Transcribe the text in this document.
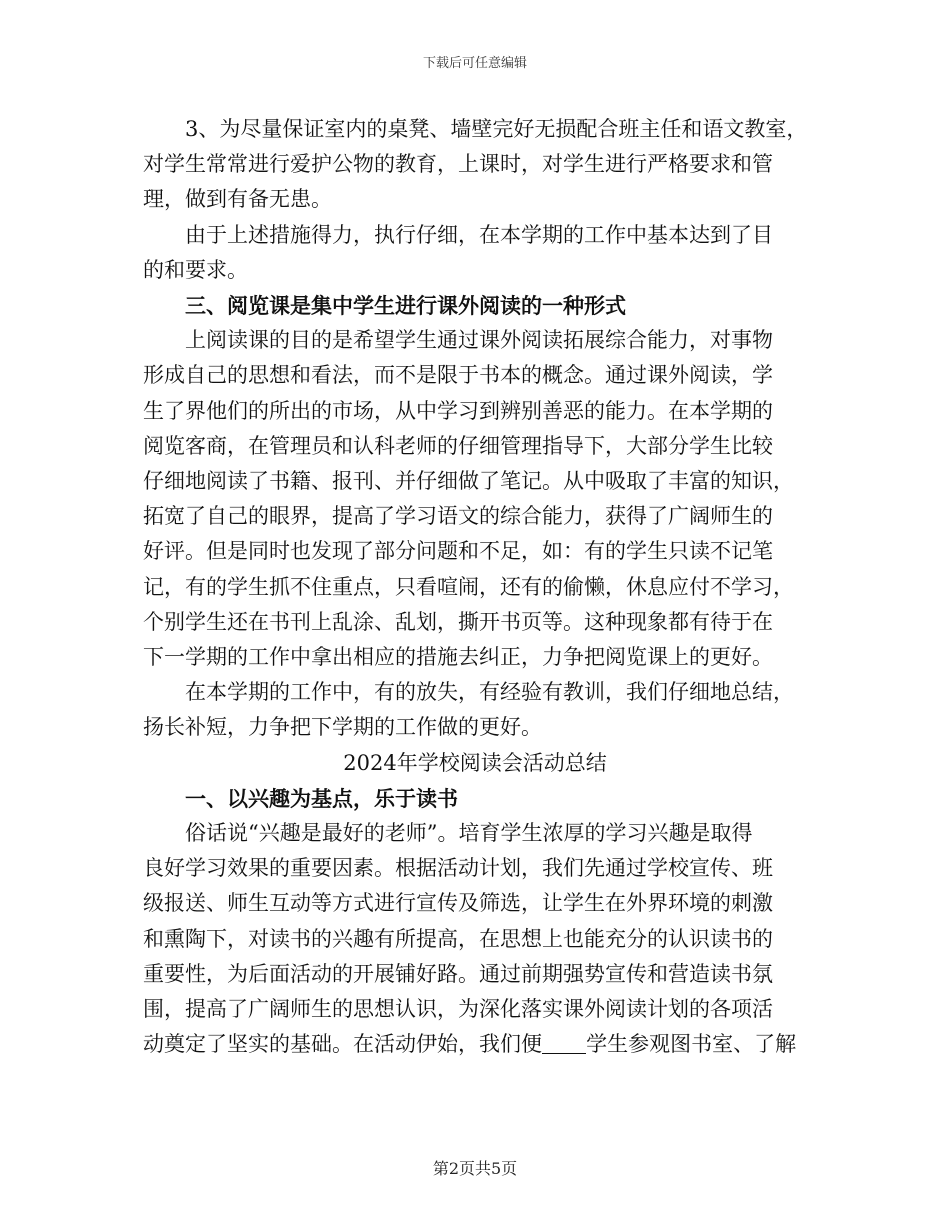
下载后可任意编辑
3、为尽量保证室内的桌凳、墙壁完好无损配合班主任和语文教室，
对学生常常进行爱护公物的教育，上课时，对学生进行严格要求和管
理，做到有备无患。
由于上述措施得力，执行仔细，在本学期的工作中基本达到了目
的和要求。
三、阅览课是集中学生进行课外阅读的一种形式
上阅读课的目的是希望学生通过课外阅读拓展综合能力，对事物
形成自己的思想和看法，而不是限于书本的概念。通过课外阅读，学
生了界他们的所出的市场，从中学习到辨别善恶的能力。在本学期的
阅览客商，在管理员和认科老师的仔细管理指导下，大部分学生比较
仔细地阅读了书籍、报刊、并仔细做了笔记。从中吸取了丰富的知识，
拓宽了自己的眼界，提高了学习语文的综合能力，获得了广阔师生的
好评。但是同时也发现了部分问题和不足，如：有的学生只读不记笔
记，有的学生抓不住重点，只看喧闹，还有的偷懒，休息应付不学习，
个别学生还在书刊上乱涂、乱划，撕开书页等。这种现象都有待于在
下一学期的工作中拿出相应的措施去纠正，力争把阅览课上的更好。
在本学期的工作中，有的放失，有经验有教训，我们仔细地总结，
扬长补短，力争把下学期的工作做的更好。
2024年学校阅读会活动总结
一、以兴趣为基点，乐于读书
俗话说“兴趣是最好的老师”。培育学生浓厚的学习兴趣是取得
良好学习效果的重要因素。根据活动计划，我们先通过学校宣传、班
级报送、师生互动等方式进行宣传及筛选，让学生在外界环境的刺激
和熏陶下，对读书的兴趣有所提高，在思想上也能充分的认识读书的
重要性，为后面活动的开展铺好路。通过前期强势宣传和营造读书氛
围，提高了广阔师生的思想认识，为深化落实课外阅读计划的各项活
动奠定了坚实的基础。在活动伊始，我们便 学生参观图书室、了解
第2页共5页
